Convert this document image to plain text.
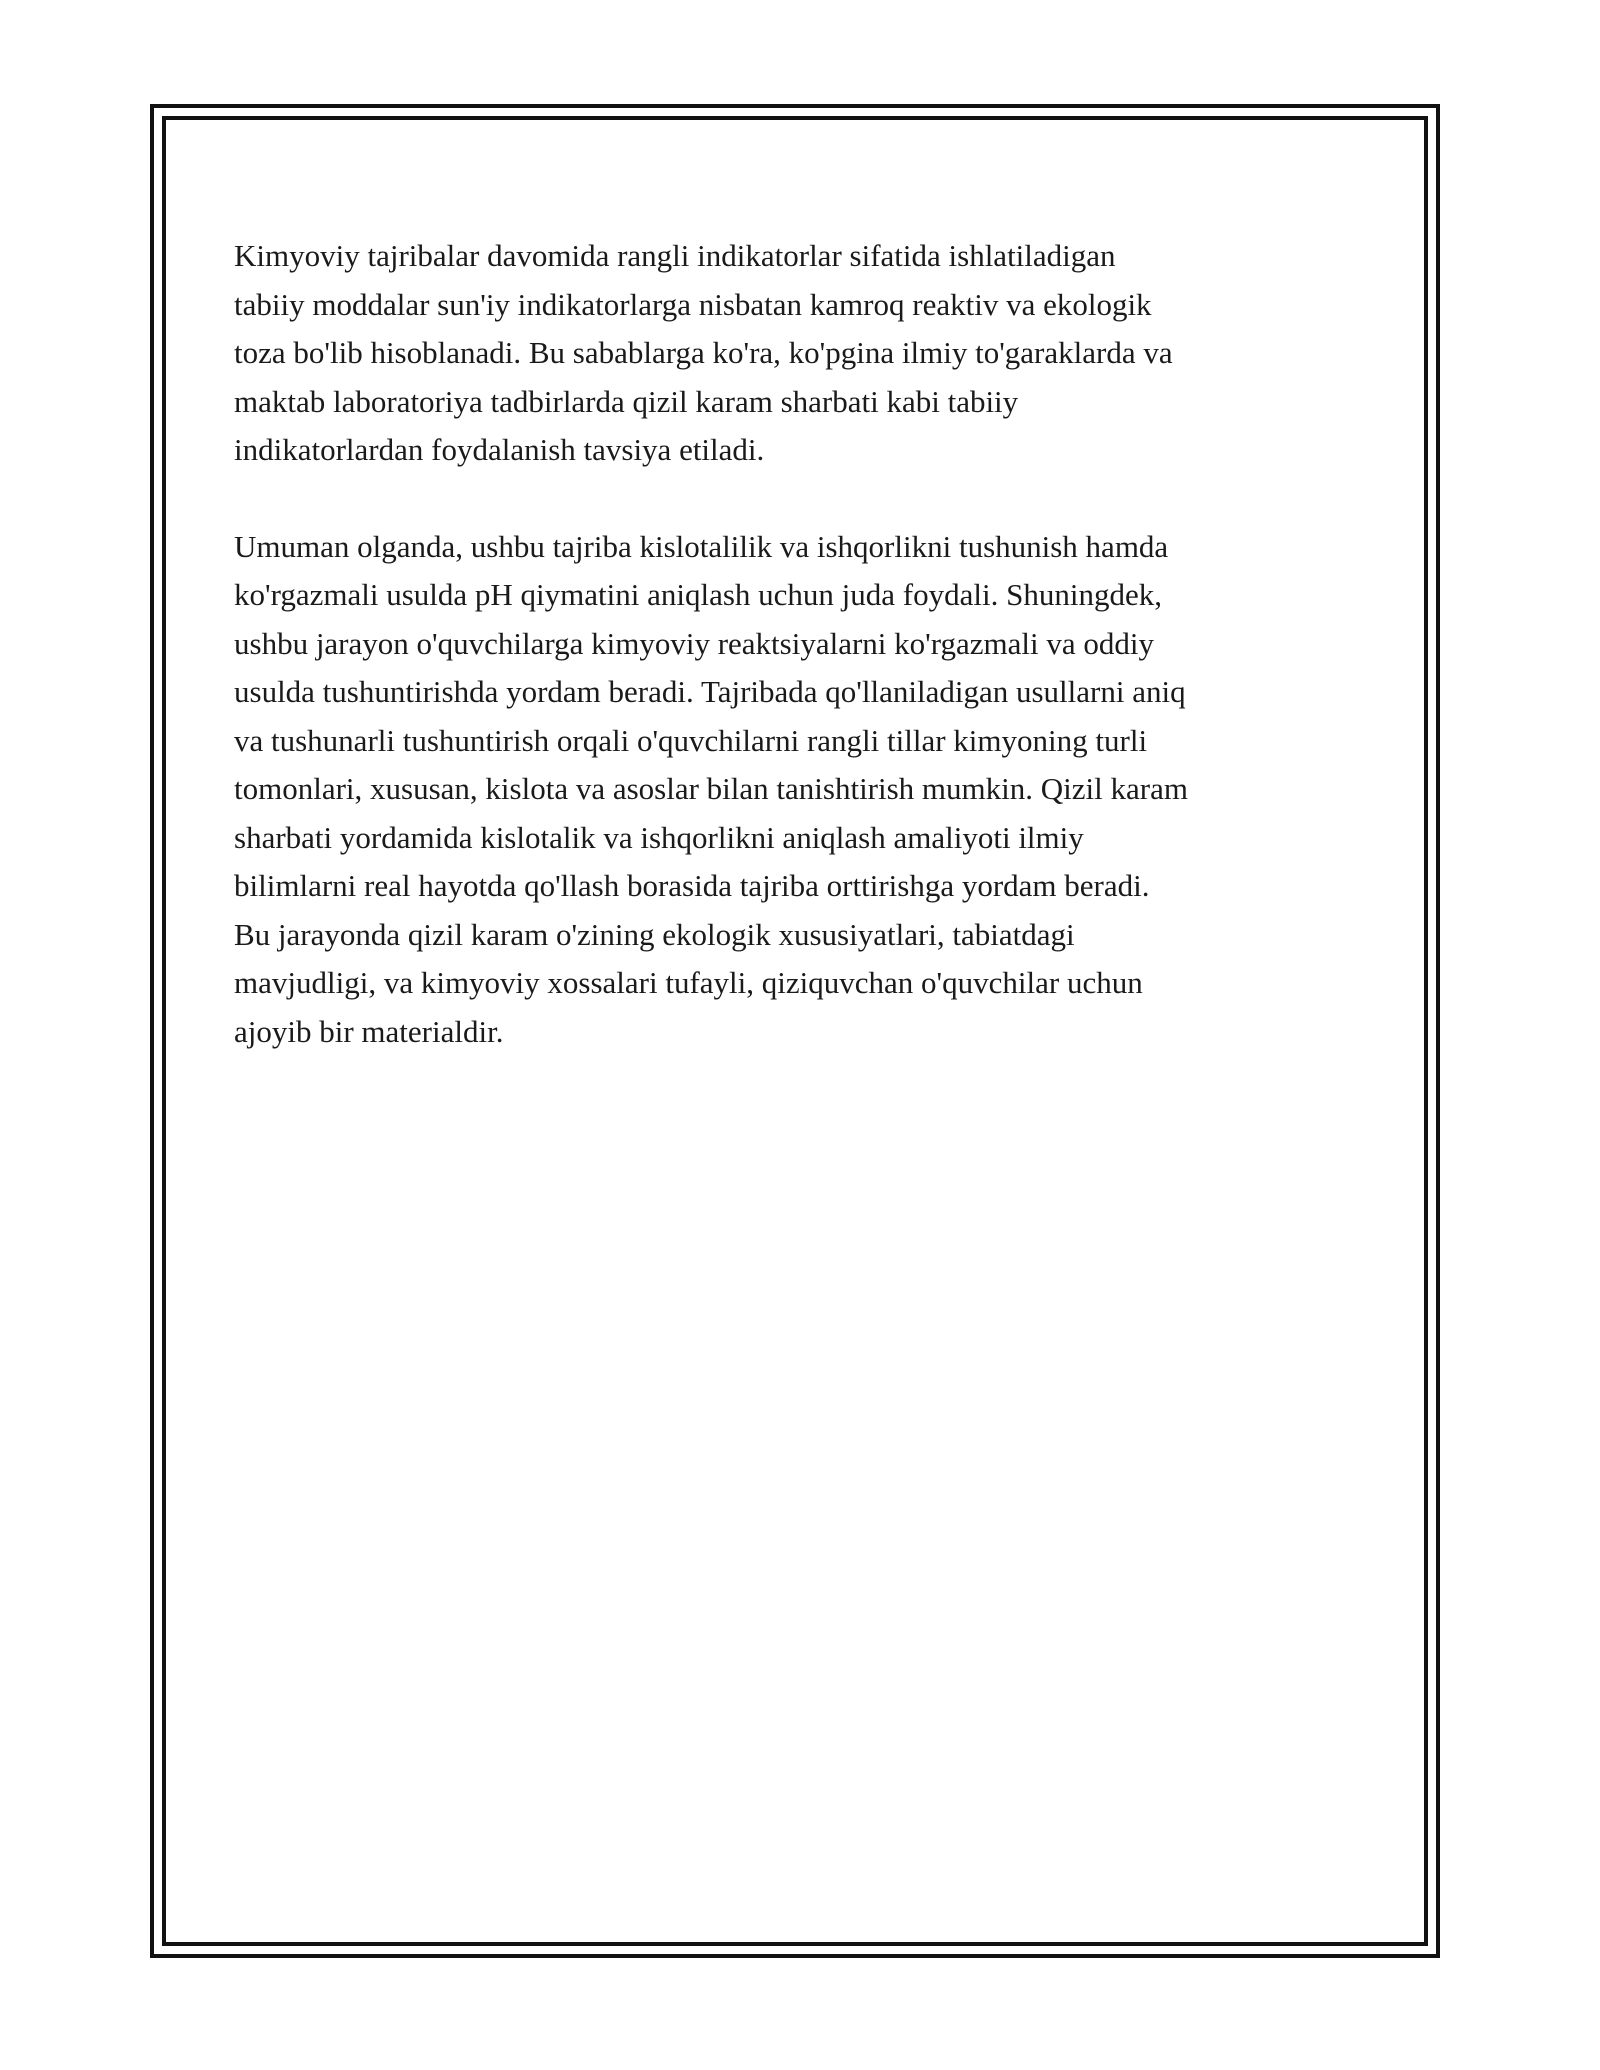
Kimyoviy tajribalar davomida rangli indikatorlar sifatida ishlatiladigan
tabiiy moddalar sun'iy indikatorlarga nisbatan kamroq reaktiv va ekologik
toza bo'lib hisoblanadi. Bu sabablarga ko'ra, ko'pgina ilmiy to'garaklarda va
maktab laboratoriya tadbirlarda qizil karam sharbati kabi tabiiy
indikatorlardan foydalanish tavsiya etiladi.

Umuman olganda, ushbu tajriba kislotalilik va ishqorlikni tushunish hamda
ko'rgazmali usulda pH qiymatini aniqlash uchun juda foydali. Shuningdek,
ushbu jarayon o'quvchilarga kimyoviy reaktsiyalarni ko'rgazmali va oddiy
usulda tushuntirishda yordam beradi. Tajribada qo'llaniladigan usullarni aniq
va tushunarli tushuntirish orqali o'quvchilarni rangli tillar kimyoning turli
tomonlari, xususan, kislota va asoslar bilan tanishtirish mumkin. Qizil karam
sharbati yordamida kislotalik va ishqorlikni aniqlash amaliyoti ilmiy
bilimlarni real hayotda qo'llash borasida tajriba orttirishga yordam beradi.
Bu jarayonda qizil karam o'zining ekologik xususiyatlari, tabiatdagi
mavjudligi, va kimyoviy xossalari tufayli, qiziquvchan o'quvchilar uchun
ajoyib bir materialdir.
